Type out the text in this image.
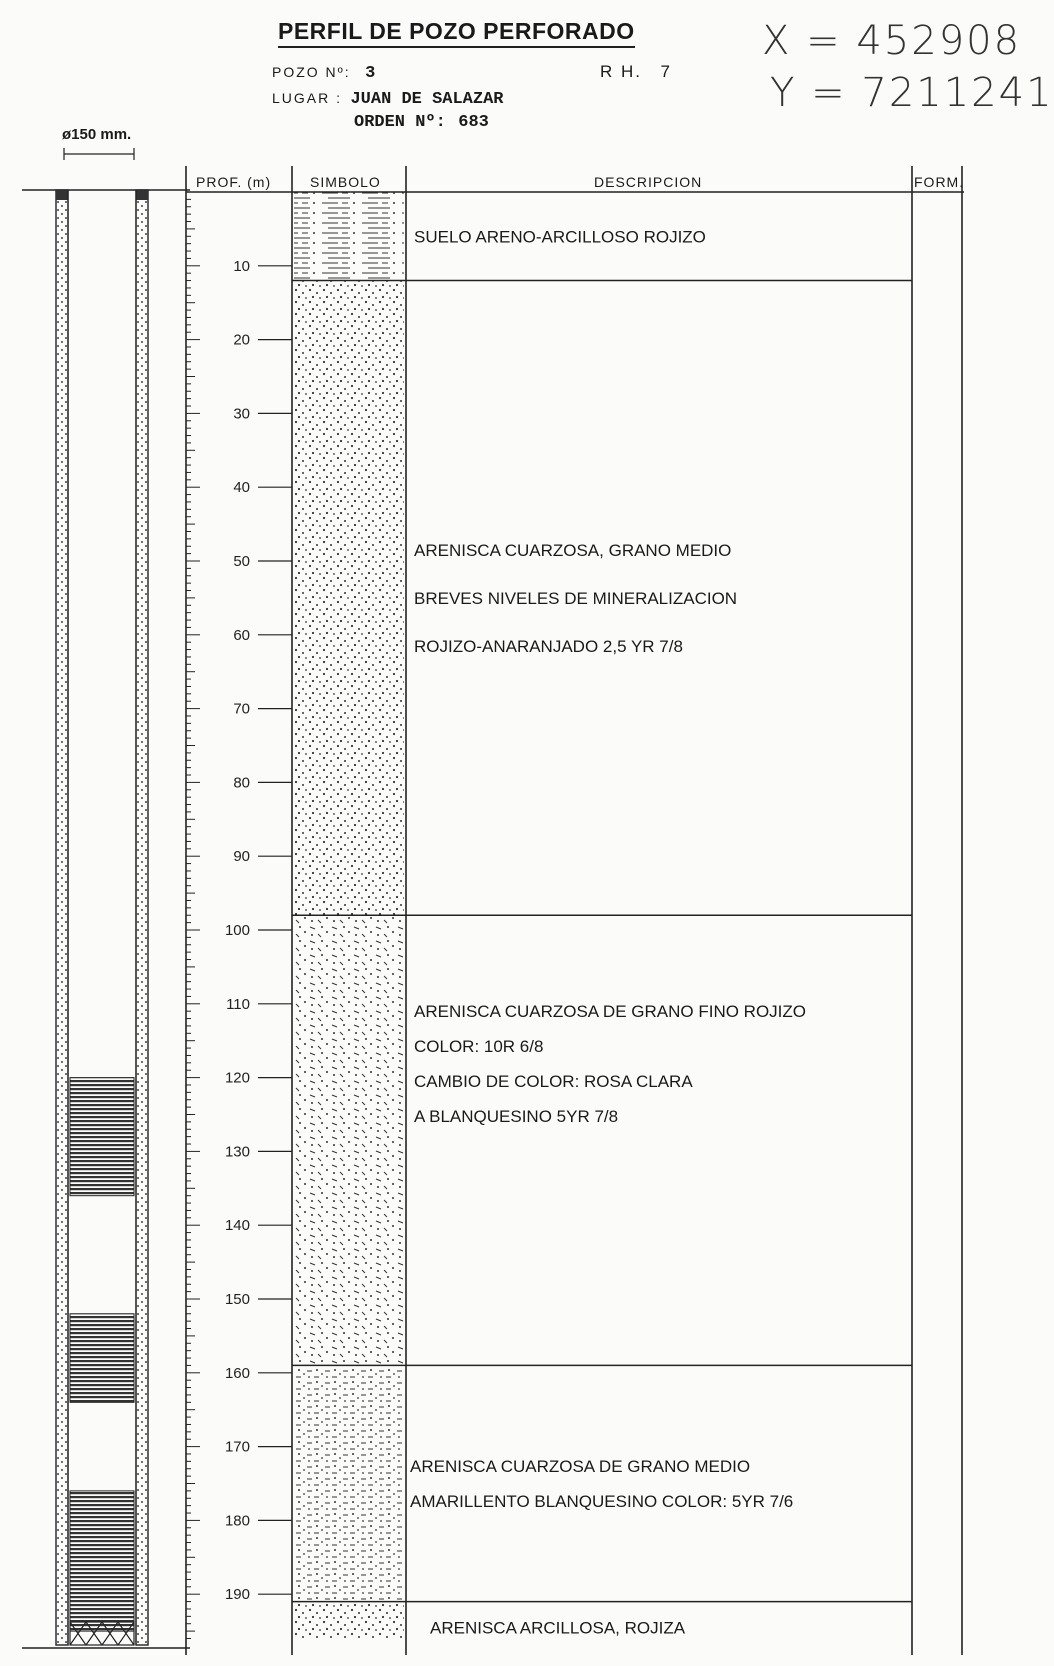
PERFIL DE POZO PERFORADO
POZO Nº: 3	R H. 7
LUGAR : JUAN DE SALAZAR
ORDEN Nº: 683
ø150 mm.
X = 452908
Y = 7211241
PROF. (m)	SIMBOLO	DESCRIPCION	FORM.
10
20
30
40
50
60
70
80
90
100
110
120
130
140
150
160
170
180
190
SUELO ARENO-ARCILLOSO ROJIZO
ARENISCA CUARZOSA, GRANO MEDIO
BREVES NIVELES DE MINERALIZACION
ROJIZO-ANARANJADO 2,5 YR 7/8
ARENISCA CUARZOSA DE GRANO FINO ROJIZO
COLOR: 10R 6/8
CAMBIO DE COLOR: ROSA CLARA
A BLANQUESINO 5YR 7/8
ARENISCA CUARZOSA DE GRANO MEDIO
AMARILLENTO BLANQUESINO COLOR: 5YR 7/6
ARENISCA ARCILLOSA, ROJIZA
